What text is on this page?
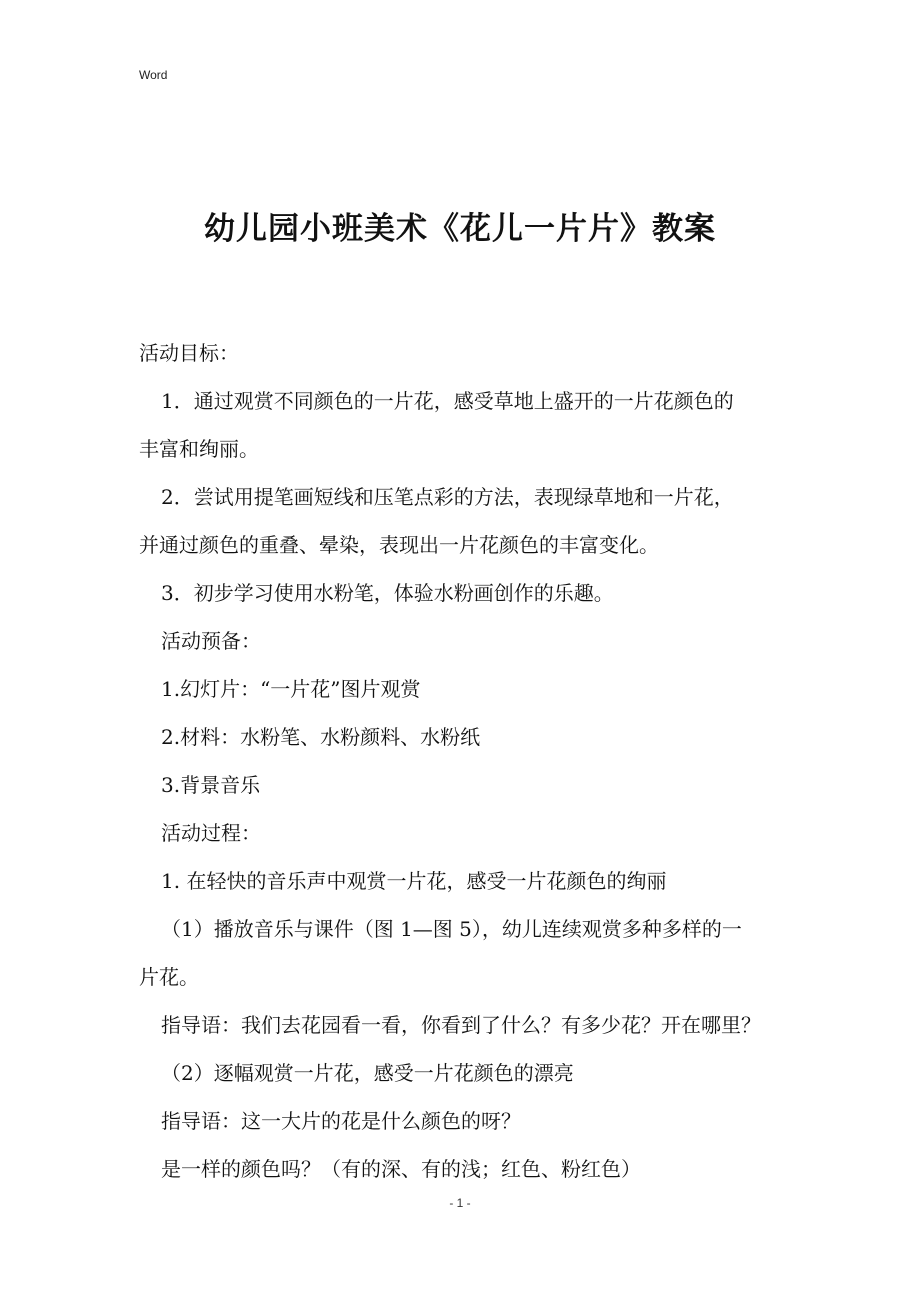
Word
幼儿园小班美术《花儿一片片》教案
活动目标：
1．通过观赏不同颜色的一片花，感受草地上盛开的一片花颜色的
丰富和绚丽。
2．尝试用提笔画短线和压笔点彩的方法，表现绿草地和一片花，
并通过颜色的重叠、晕染，表现出一片花颜色的丰富变化。
3．初步学习使用水粉笔，体验水粉画创作的乐趣。
活动预备：
1.幻灯片：“一片花”图片观赏
2.材料：水粉笔、水粉颜料、水粉纸
3.背景音乐
活动过程：
1. 在轻快的音乐声中观赏一片花，感受一片花颜色的绚丽
（1）播放音乐与课件（图 1—图 5），幼儿连续观赏多种多样的一
片花。
指导语：我们去花园看一看，你看到了什么？有多少花？开在哪里？
（2）逐幅观赏一片花，感受一片花颜色的漂亮
指导语：这一大片的花是什么颜色的呀？
是一样的颜色吗？（有的深、有的浅；红色、粉红色）
- 1 -
